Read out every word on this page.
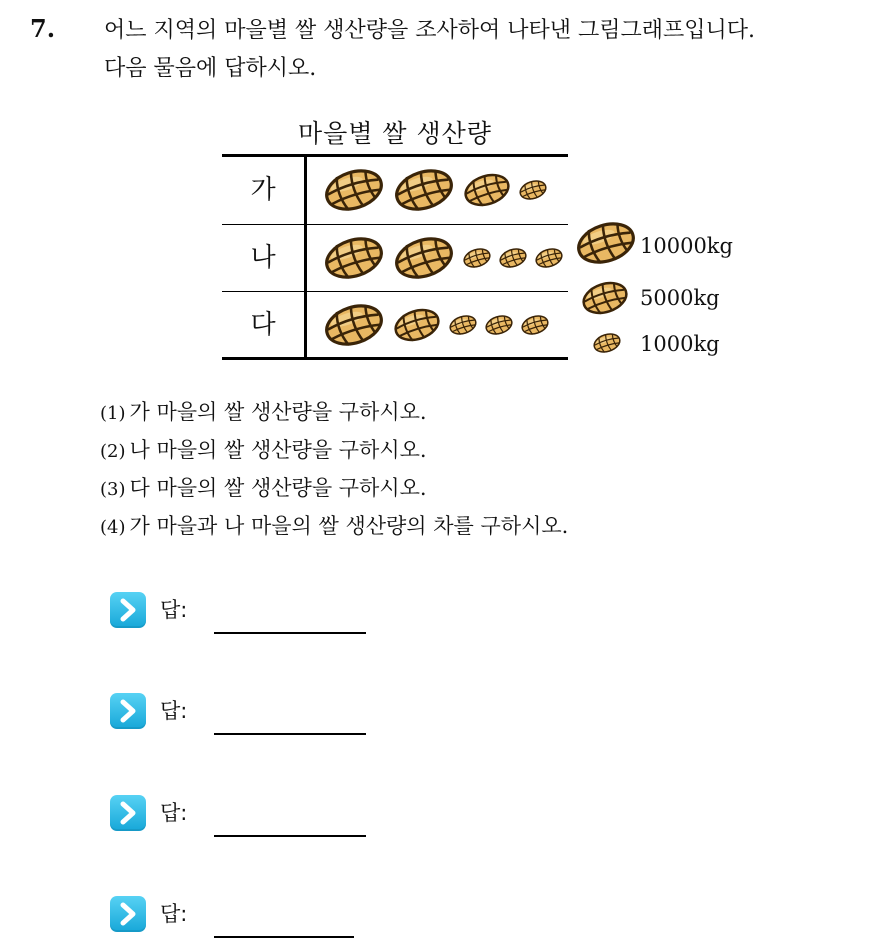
7. 어느 지역의 마을별 쌀 생산량을 조사하여 나타낸 그림그래프입니다.
다음 물음에 답하시오.
마을별 쌀 생산량
가
나
다
10000kg
5000kg
1000kg
(1) 가 마을의 쌀 생산량을 구하시오.
(2) 나 마을의 쌀 생산량을 구하시오.
(3) 다 마을의 쌀 생산량을 구하시오.
(4) 가 마을과 나 마을의 쌀 생산량의 차를 구하시오.
답:
답:
답:
답:
